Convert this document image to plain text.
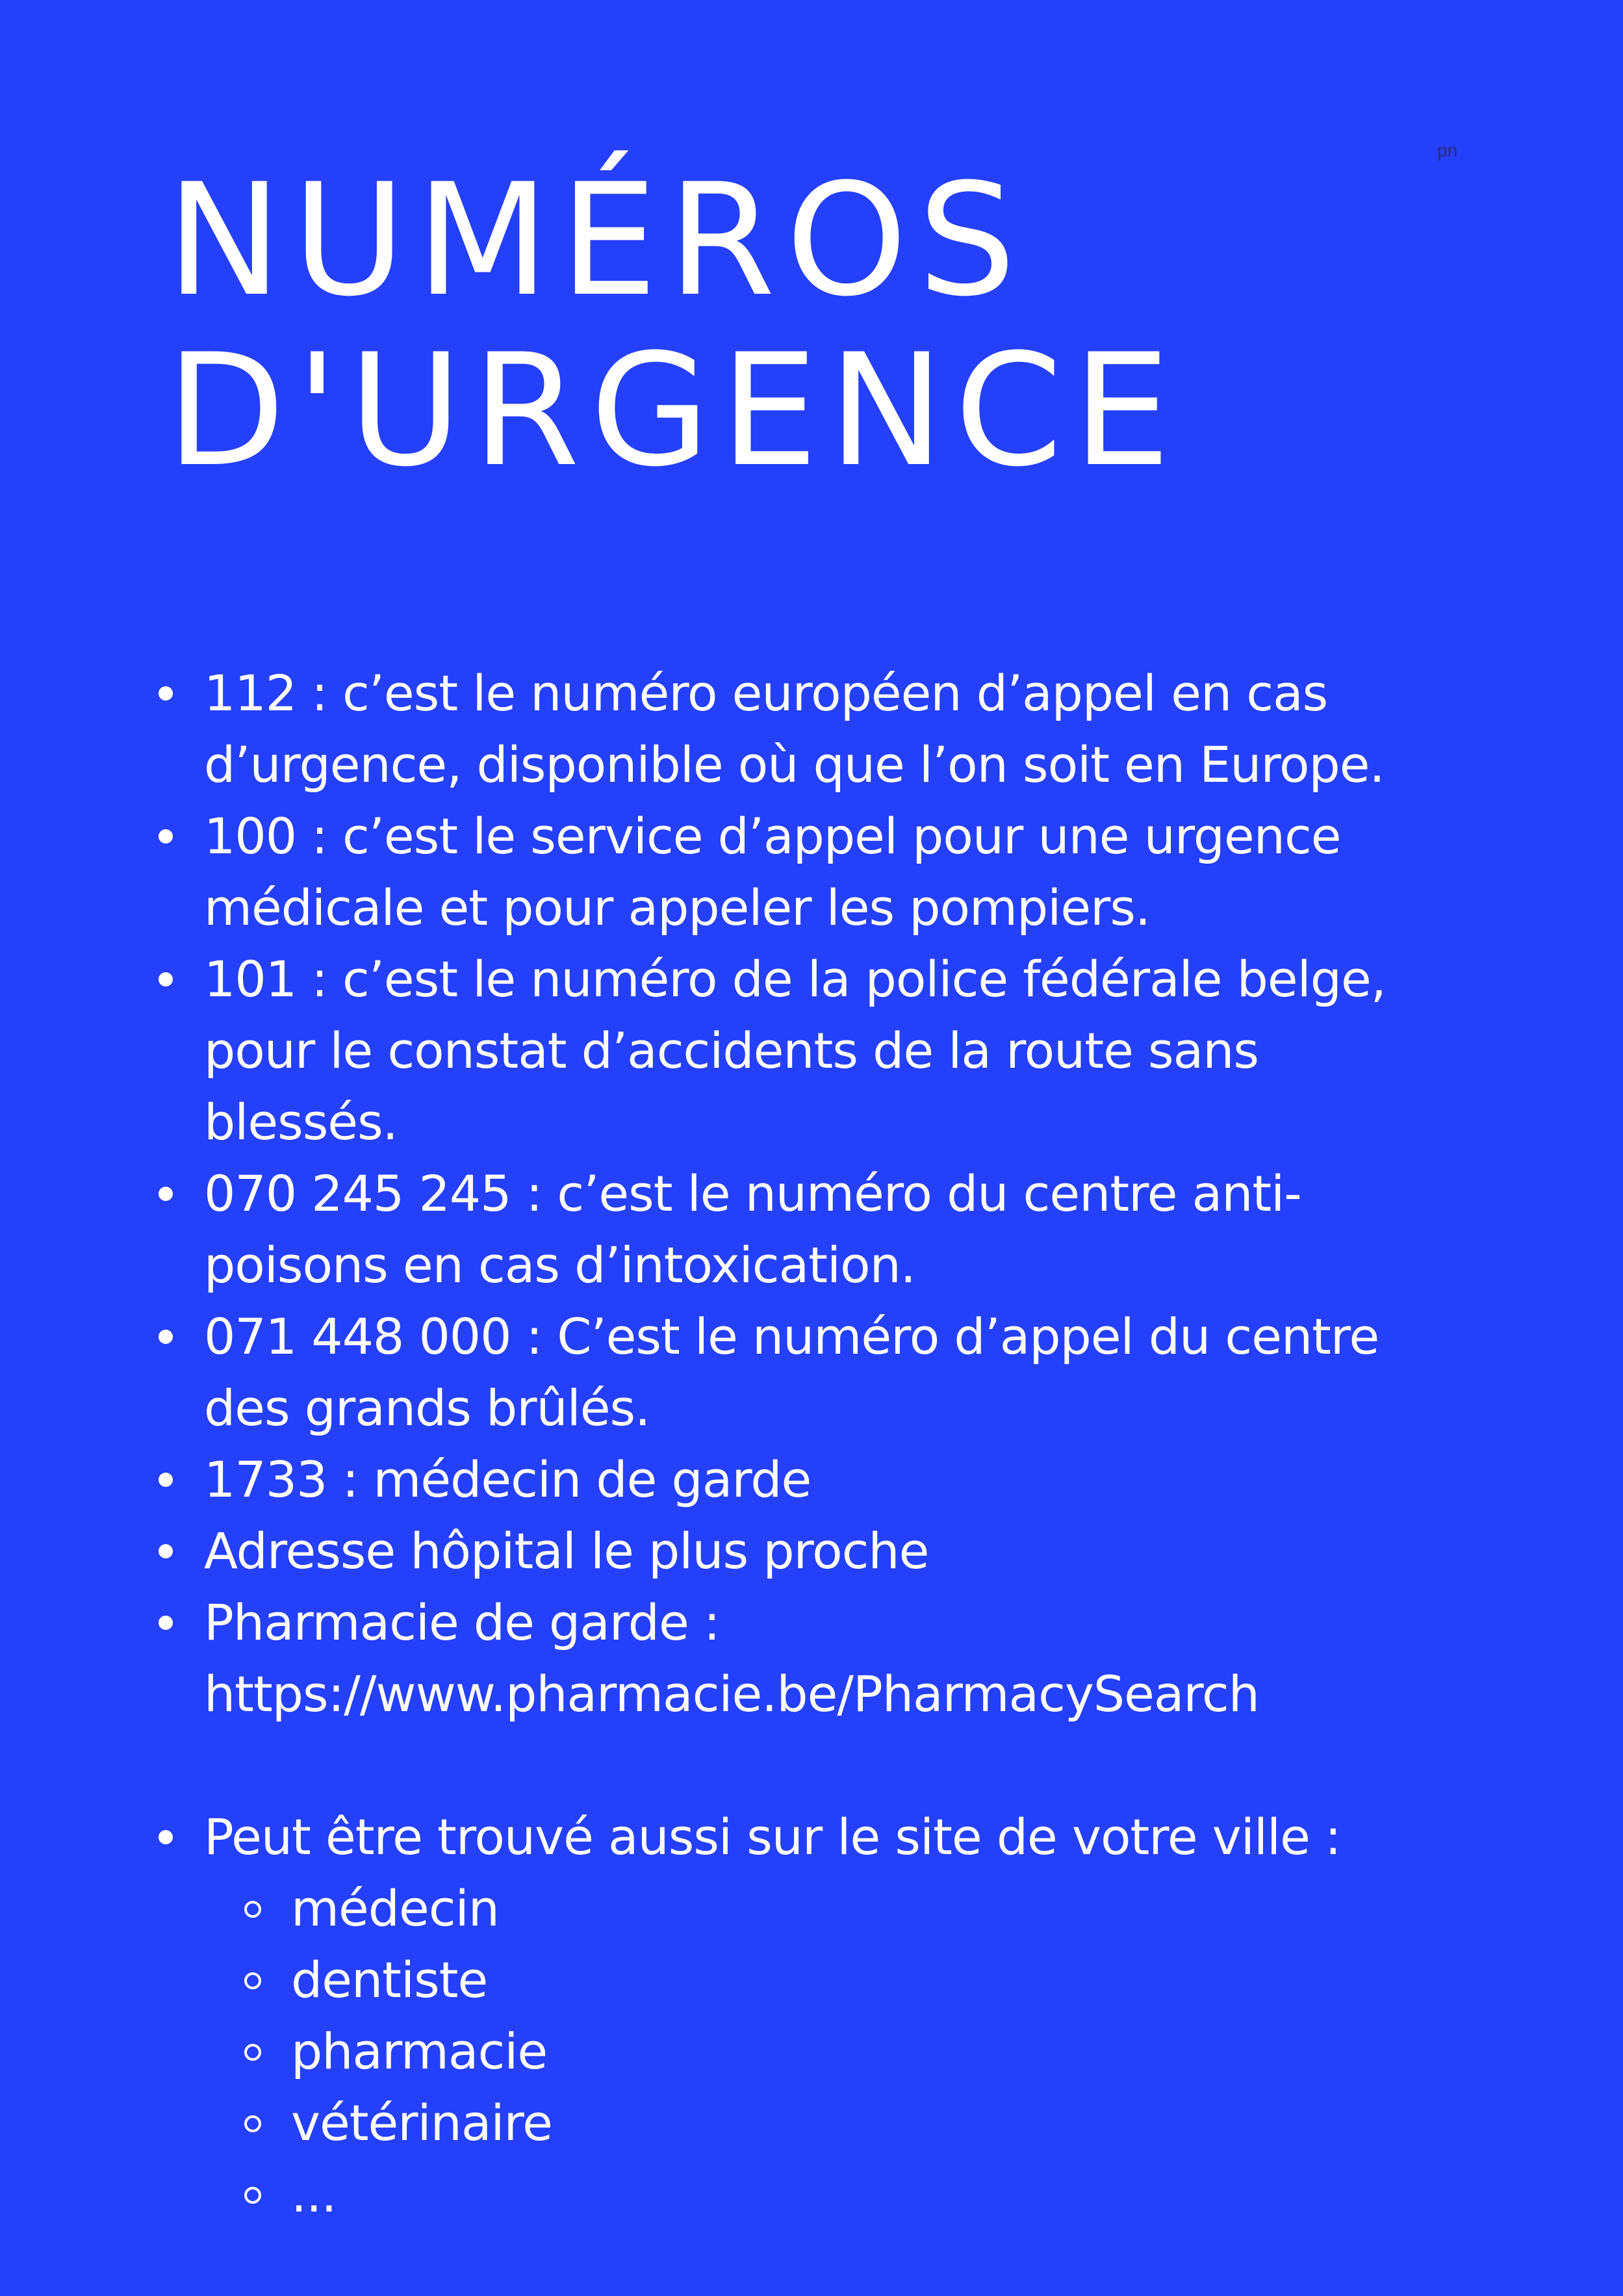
pn
NUMÉROS
D'URGENCE
112 : c’est le numéro européen d’appel en cas
d’urgence, disponible où que l’on soit en Europe.
100 : c’est le service d’appel pour une urgence
médicale et pour appeler les pompiers.
101 : c’est le numéro de la police fédérale belge,
pour le constat d’accidents de la route sans
blessés.
070 245 245 : c’est le numéro du centre anti-
poisons en cas d’intoxication.
071 448 000 : C’est le numéro d’appel du centre
des grands brûlés.
1733 : médecin de garde
Adresse hôpital le plus proche
Pharmacie de garde :
https://www.pharmacie.be/PharmacySearch
Peut être trouvé aussi sur le site de votre ville :
médecin
dentiste
pharmacie
vétérinaire
...
